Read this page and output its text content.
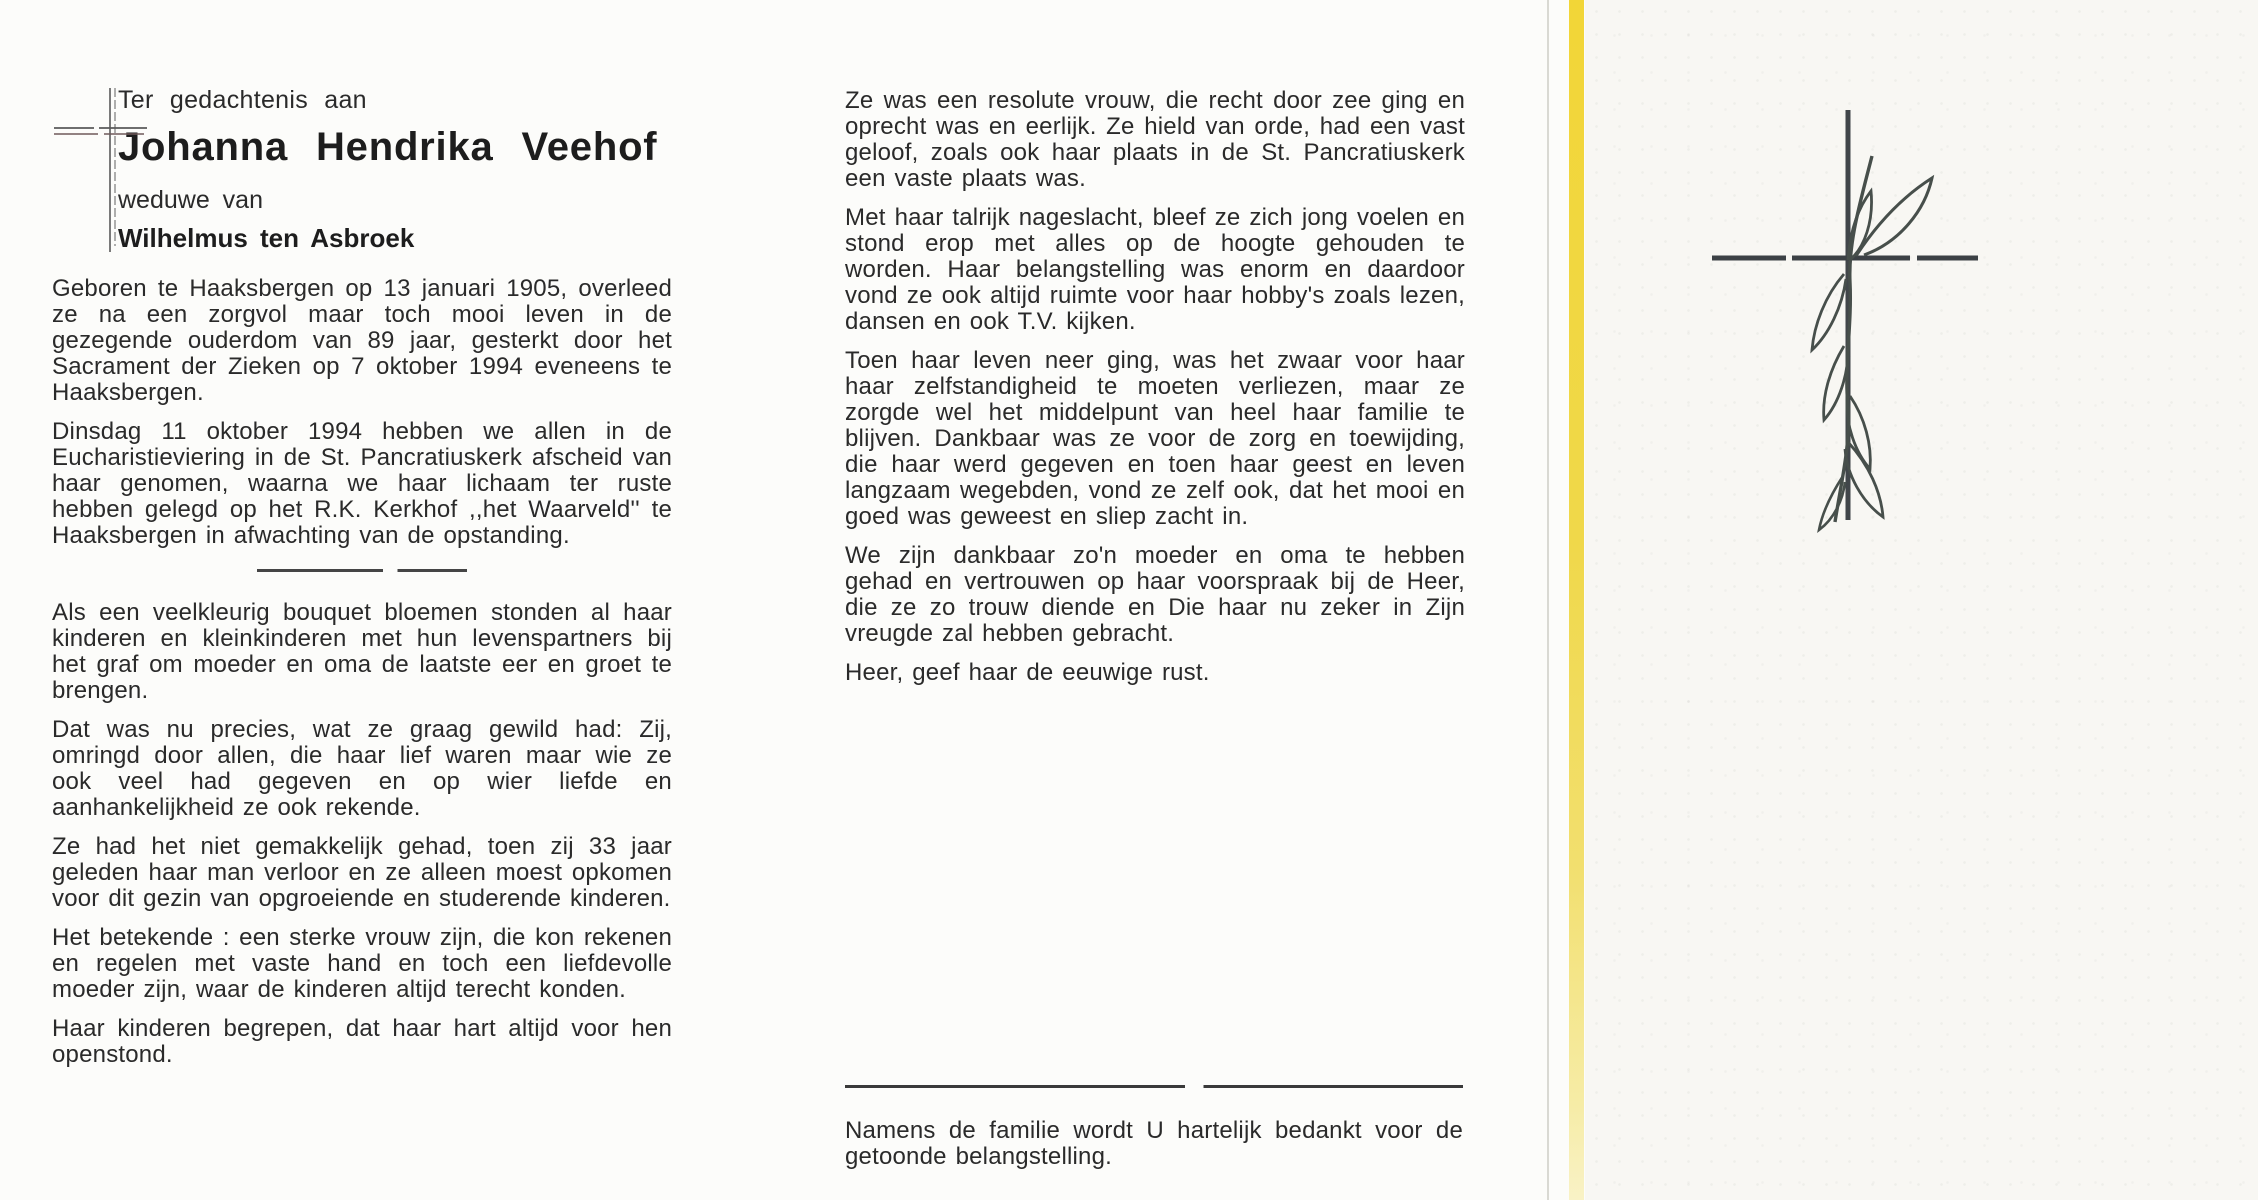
Ter gedachtenis aan
Johanna Hendrika Veehof
weduwe van
Wilhelmus ten Asbroek

Geboren te Haaksbergen op 13 januari 1905, overleed ze na een zorgvol maar toch mooi leven in de gezegende ouderdom van 89 jaar, gesterkt door het Sacrament der Zieken op 7 oktober 1994 eveneens te Haaksbergen.

Dinsdag 11 oktober 1994 hebben we allen in de Eucharistieviering in de St. Pancratiuskerk afscheid van haar genomen, waarna we haar lichaam ter ruste hebben gelegd op het R.K. Kerkhof ,,het Waarveld'' te Haaksbergen in afwachting van de opstanding.

Als een veelkleurig bouquet bloemen stonden al haar kinderen en kleinkinderen met hun levenspartners bij het graf om moeder en oma de laatste eer en groet te brengen.

Dat was nu precies, wat ze graag gewild had: Zij, omringd door allen, die haar lief waren maar wie ze ook veel had gegeven en op wier liefde en aanhankelijkheid ze ook rekende.

Ze had het niet gemakkelijk gehad, toen zij 33 jaar geleden haar man verloor en ze alleen moest opkomen voor dit gezin van opgroeiende en studerende kinderen.

Het betekende : een sterke vrouw zijn, die kon rekenen en regelen met vaste hand en toch een liefdevolle moeder zijn, waar de kinderen altijd terecht konden.

Haar kinderen begrepen, dat haar hart altijd voor hen openstond.

Ze was een resolute vrouw, die recht door zee ging en oprecht was en eerlijk. Ze hield van orde, had een vast geloof, zoals ook haar plaats in de St. Pancratiuskerk een vaste plaats was.

Met haar talrijk nageslacht, bleef ze zich jong voelen en stond erop met alles op de hoogte gehouden te worden. Haar belangstelling was enorm en daardoor vond ze ook altijd ruimte voor haar hobby's zoals lezen, dansen en ook T.V. kijken.

Toen haar leven neer ging, was het zwaar voor haar haar zelfstandigheid te moeten verliezen, maar ze zorgde wel het middelpunt van heel haar familie te blijven. Dankbaar was ze voor de zorg en toewijding, die haar werd gegeven en toen haar geest en leven langzaam wegebden, vond ze zelf ook, dat het mooi en goed was geweest en sliep zacht in.

We zijn dankbaar zo'n moeder en oma te hebben gehad en vertrouwen op haar voorspraak bij de Heer, die ze zo trouw diende en Die haar nu zeker in Zijn vreugde zal hebben gebracht.

Heer, geef haar de eeuwige rust.

Namens de familie wordt U hartelijk bedankt voor de getoonde belangstelling.
